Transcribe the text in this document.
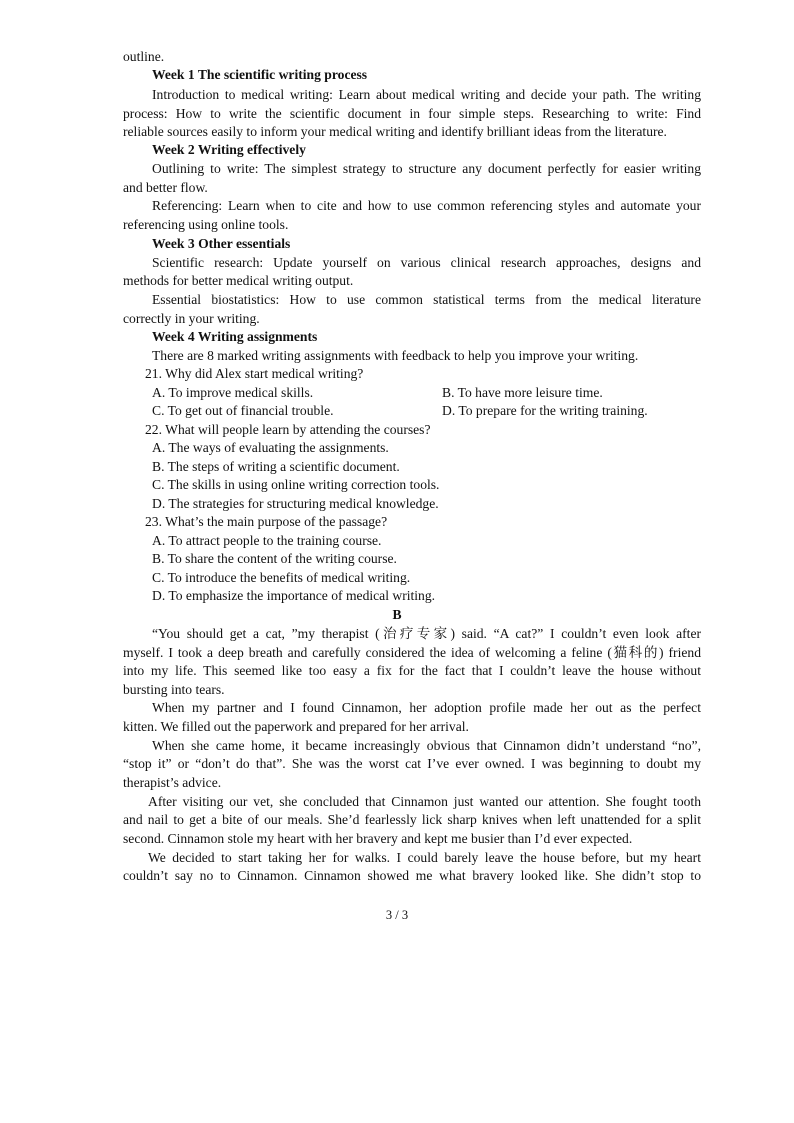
outline.
Week 1 The scientific writing process
Introduction to medical writing: Learn about medical writing and decide your path. The writing
process: How to write the scientific document in four simple steps. Researching to write: Find
reliable sources easily to inform your medical writing and identify brilliant ideas from the literature.
Week 2 Writing effectively
Outlining to write: The simplest strategy to structure any document perfectly for easier writing
and better flow.
Referencing: Learn when to cite and how to use common referencing styles and automate your
referencing using online tools.
Week 3 Other essentials
Scientific research: Update yourself on various clinical research approaches, designs and
methods for better medical writing output.
Essential biostatistics: How to use common statistical terms from the medical literature
correctly in your writing.
Week 4 Writing assignments
There are 8 marked writing assignments with feedback to help you improve your writing.
21. Why did Alex start medical writing?
A. To improve medical skills.	B. To have more leisure time.
C. To get out of financial trouble.	D. To prepare for the writing training.
22. What will people learn by attending the courses?
A. The ways of evaluating the assignments.
B. The steps of writing a scientific document.
C. The skills in using online writing correction tools.
D. The strategies for structuring medical knowledge.
23. What’s the main purpose of the passage?
A. To attract people to the training course.
B. To share the content of the writing course.
C. To introduce the benefits of medical writing.
D. To emphasize the importance of medical writing.
B
“You should get a cat, ”my therapist (治疗专家) said. “A cat?” I couldn’t even look after
myself. I took a deep breath and carefully considered the idea of welcoming a feline (猫科的) friend
into my life. This seemed like too easy a fix for the fact that I couldn’t leave the house without
bursting into tears.
When my partner and I found Cinnamon, her adoption profile made her out as the perfect
kitten. We filled out the paperwork and prepared for her arrival.
When she came home, it became increasingly obvious that Cinnamon didn’t understand “no”,
“stop it” or “don’t do that”. She was the worst cat I’ve ever owned. I was beginning to doubt my
therapist’s advice.
After visiting our vet, she concluded that Cinnamon just wanted our attention. She fought tooth
and nail to get a bite of our meals. She’d fearlessly lick sharp knives when left unattended for a split
second. Cinnamon stole my heart with her bravery and kept me busier than I’d ever expected.
We decided to start taking her for walks. I could barely leave the house before, but my heart
couldn’t say no to Cinnamon. Cinnamon showed me what bravery looked like. She didn’t stop to
3 / 3
